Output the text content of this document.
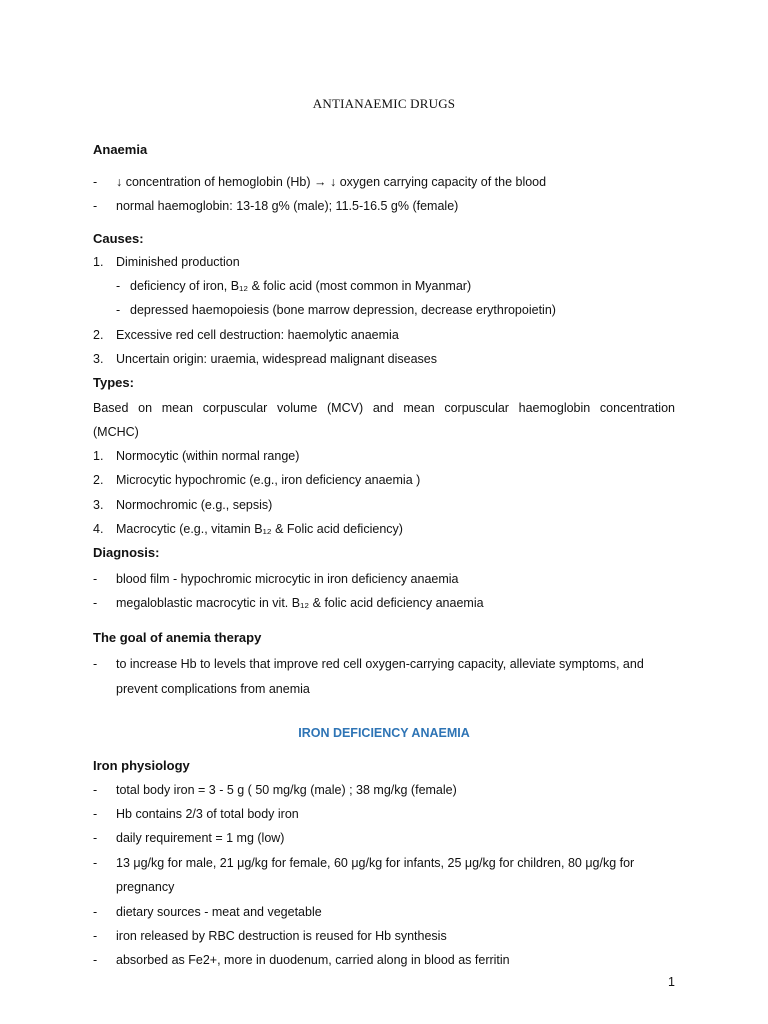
ANTIANAEMIC DRUGS
Anaemia
-	↓ concentration of hemoglobin (Hb) → ↓ oxygen carrying capacity of the blood
-	normal haemoglobin: 13-18 g% (male); 11.5-16.5 g% (female)
Causes:
1. Diminished production
- deficiency of iron, B₁₂ & folic acid (most common in Myanmar)
- depressed haemopoiesis (bone marrow depression, decrease erythropoietin)
2. Excessive red cell destruction: haemolytic anaemia
3. Uncertain origin: uraemia, widespread malignant diseases
Types:
Based on mean corpuscular volume (MCV) and mean corpuscular haemoglobin concentration
(MCHC)
1. Normocytic (within normal range)
2. Microcytic hypochromic (e.g., iron deficiency anaemia )
3. Normochromic (e.g., sepsis)
4. Macrocytic (e.g., vitamin B₁₂ & Folic acid deficiency)
Diagnosis:
-	blood film - hypochromic microcytic in iron deficiency anaemia
-	megaloblastic macrocytic in vit. B₁₂ & folic acid deficiency anaemia
The goal of anemia therapy
-	to increase Hb to levels that improve red cell oxygen-carrying capacity, alleviate symptoms, and
prevent complications from anemia
IRON DEFICIENCY ANAEMIA
Iron physiology
-	total body iron = 3 - 5 g ( 50 mg/kg (male) ; 38 mg/kg (female)
-	Hb contains 2/3 of total body iron
-	daily requirement = 1 mg (low)
-	13 μg/kg for male, 21 μg/kg for female, 60 μg/kg for infants, 25 μg/kg for children, 80 μg/kg for
pregnancy
-	dietary sources - meat and vegetable
-	iron released by RBC destruction is reused for Hb synthesis
-	absorbed as Fe2+, more in duodenum, carried along in blood as ferritin
1
